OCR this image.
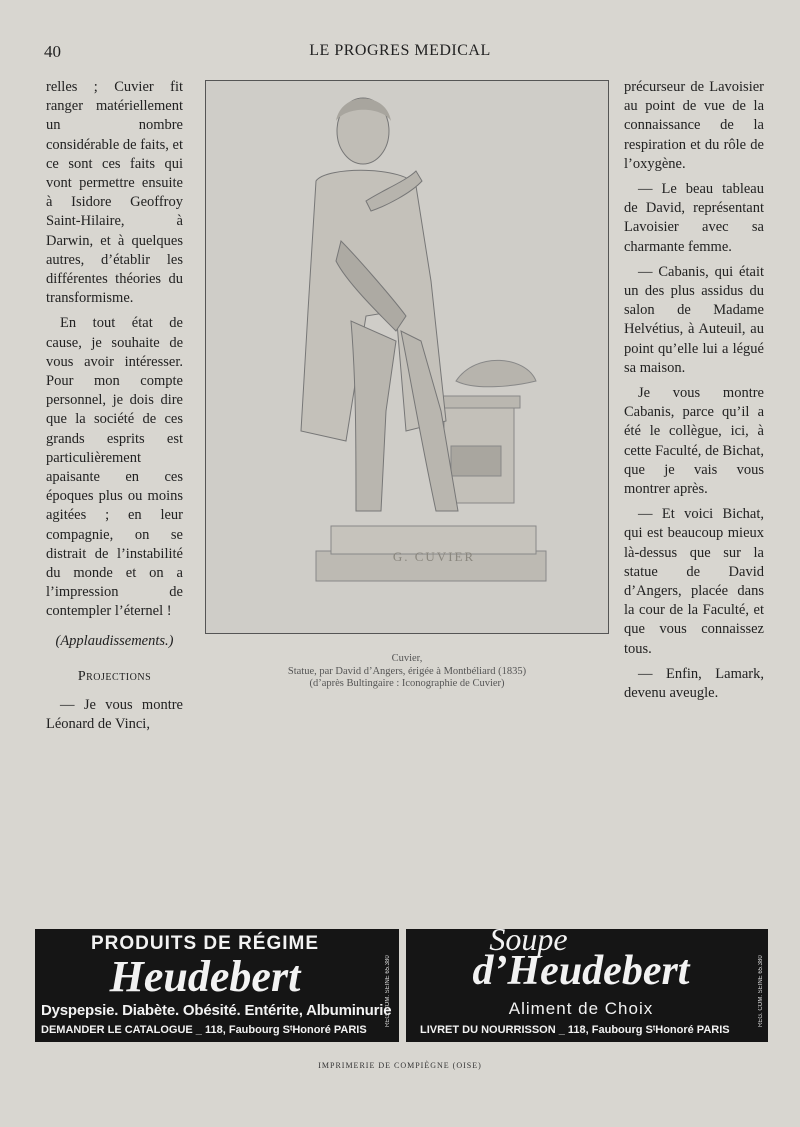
40	LE PROGRES MEDICAL

relles ; Cuvier fit ranger matériellement un nombre considérable de faits, et ce sont ces faits qui vont permettre ensuite à Isidore Geoffroy Saint-Hilaire, à Darwin, et à quelques autres, d’établir les différentes théories du transformisme.

En tout état de cause, je souhaite de vous avoir intéresser. Pour mon compte personnel, je dois dire que la société de ces grands esprits est particulièrement apaisante en ces époques plus ou moins agitées ; en leur compagnie, on se distrait de l’instabilité du monde et on a l’impression de contempler l’éternel !

(Applaudissements.)

Projections

— Je vous montre Léonard de Vinci,

G. CUVIER
Cuvier,
Statue, par David d’Angers, érigée à Montbéliard (1835)
(d’après Bultingaire : Iconographie de Cuvier)

précurseur de Lavoisier au point de vue de la connaissance de la respiration et du rôle de l’oxygène.

— Le beau tableau de David, représentant Lavoisier avec sa charmante femme.

— Cabanis, qui était un des plus assidus du salon de Madame Helvétius, à Auteuil, au point qu’elle lui a légué sa maison.

Je vous montre Cabanis, parce qu’il a été le collègue, ici, à cette Faculté, de Bichat, que je vais vous montrer après.

— Et voici Bichat, qui est beaucoup mieux là-dessus que sur la statue de David d’Angers, placée dans la cour de la Faculté, et que vous connaissez tous.

— Enfin, Lamark, devenu aveugle.

PRODUITS DE RÉGIME
Heudebert
Dyspepsie. Diabète. Obésité. Entérite, Albuminurie
DEMANDER LE CATALOGUE _ 118, Faubourg SᵗHonoré PARIS
REG. COM. SEINE 65.380
Soupe
d’Heudebert
Aliment de Choix
LIVRET DU NOURRISSON _ 118, Faubourg SᵗHonoré PARIS
REG. COM. SEINE 65.380
IMPRIMERIE DE COMPIÈGNE (OISE)
